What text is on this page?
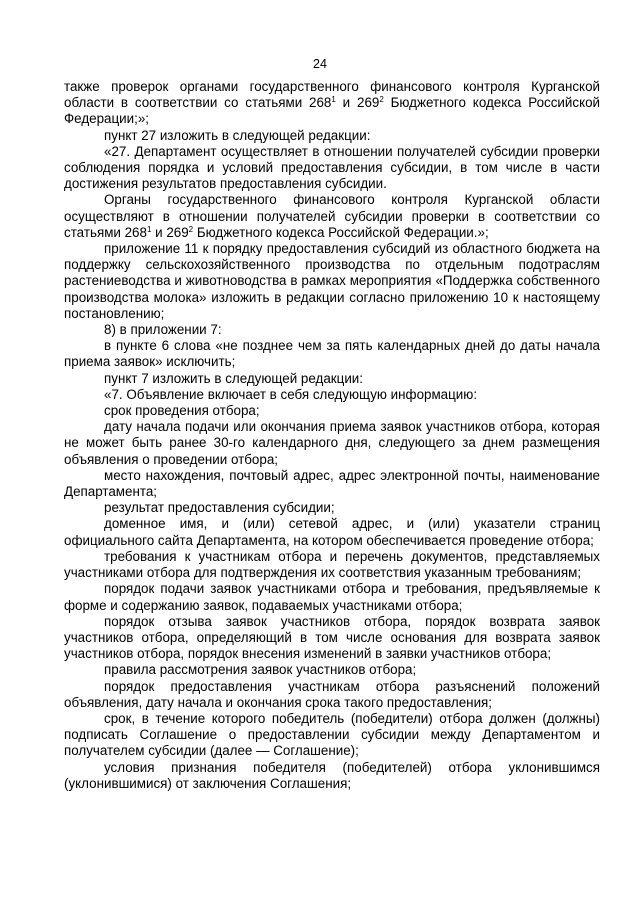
24

также проверок органами государственного финансового контроля Курганской области в соответствии со статьями $268^1$ и $269^2$ Бюджетного кодекса Российской Федерации;»;

пункт 27 изложить в следующей редакции:

«27. Департамент осуществляет в отношении получателей субсидии проверки соблюдения порядка и условий предоставления субсидии, в том числе в части достижения результатов предоставления субсидии.

Органы государственного финансового контроля Курганской области осуществляют в отношении получателей субсидии проверки в соответствии со статьями $268^1$ и $269^2$ Бюджетного кодекса Российской Федерации.»;

приложение 11 к порядку предоставления субсидий из областного бюджета на поддержку сельскохозяйственного производства по отдельным подотраслям растениеводства и животноводства в рамках мероприятия «Поддержка собственного производства молока» изложить в редакции согласно приложению 10 к настоящему постановлению;

8) в приложении 7:

в пункте 6 слова «не позднее чем за пять календарных дней до даты начала приема заявок» исключить;

пункт 7 изложить в следующей редакции:

«7. Объявление включает в себя следующую информацию:

срок проведения отбора;

дату начала подачи или окончания приема заявок участников отбора, которая не может быть ранее 30-го календарного дня, следующего за днем размещения объявления о проведении отбора;

место нахождения, почтовый адрес, адрес электронной почты, наименование Департамента;

результат предоставления субсидии;

доменное имя, и (или) сетевой адрес, и (или) указатели страниц официального сайта Департамента, на котором обеспечивается проведение отбора;

требования к участникам отбора и перечень документов, представляемых участниками отбора для подтверждения их соответствия указанным требованиям;

порядок подачи заявок участниками отбора и требования, предъявляемые к форме и содержанию заявок, подаваемых участниками отбора;

порядок отзыва заявок участников отбора, порядок возврата заявок участников отбора, определяющий в том числе основания для возврата заявок участников отбора, порядок внесения изменений в заявки участников отбора;

правила рассмотрения заявок участников отбора;

порядок предоставления участникам отбора разъяснений положений объявления, дату начала и окончания срока такого предоставления;

срок, в течение которого победитель (победители) отбора должен (должны) подписать Соглашение о предоставлении субсидии между Департаментом и получателем субсидии (далее — Соглашение);

условия признания победителя (победителей) отбора уклонившимся (уклонившимися) от заключения Соглашения;
